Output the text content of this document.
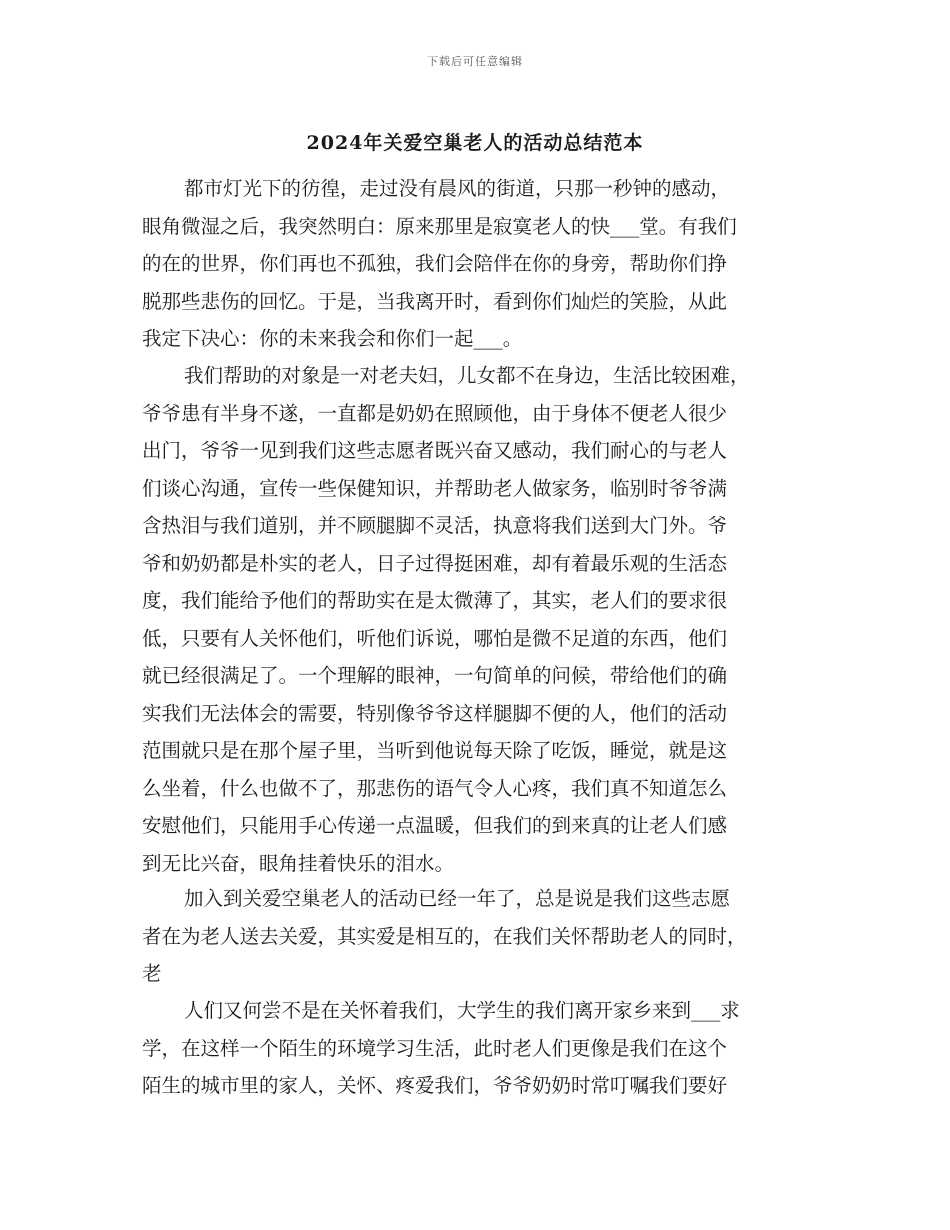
下载后可任意编辑
2024年关爱空巢老人的活动总结范本
都市灯光下的彷徨，走过没有晨风的街道，只那一秒钟的感动，
眼角微湿之后，我突然明白：原来那里是寂寞老人的快___堂。有我们
的在的世界，你们再也不孤独，我们会陪伴在你的身旁，帮助你们挣
脱那些悲伤的回忆。于是，当我离开时，看到你们灿烂的笑脸，从此
我定下决心：你的未来我会和你们一起___。
我们帮助的对象是一对老夫妇，儿女都不在身边，生活比较困难，
爷爷患有半身不遂，一直都是奶奶在照顾他，由于身体不便老人很少
出门，爷爷一见到我们这些志愿者既兴奋又感动，我们耐心的与老人
们谈心沟通，宣传一些保健知识，并帮助老人做家务，临别时爷爷满
含热泪与我们道别，并不顾腿脚不灵活，执意将我们送到大门外。爷
爷和奶奶都是朴实的老人，日子过得挺困难，却有着最乐观的生活态
度，我们能给予他们的帮助实在是太微薄了，其实，老人们的要求很
低，只要有人关怀他们，听他们诉说，哪怕是微不足道的东西，他们
就已经很满足了。一个理解的眼神，一句简单的问候，带给他们的确
实我们无法体会的需要，特别像爷爷这样腿脚不便的人，他们的活动
范围就只是在那个屋子里，当听到他说每天除了吃饭，睡觉，就是这
么坐着，什么也做不了，那悲伤的语气令人心疼，我们真不知道怎么
安慰他们，只能用手心传递一点温暖，但我们的到来真的让老人们感
到无比兴奋，眼角挂着快乐的泪水。
加入到关爱空巢老人的活动已经一年了，总是说是我们这些志愿
者在为老人送去关爱，其实爱是相互的，在我们关怀帮助老人的同时，
老
人们又何尝不是在关怀着我们，大学生的我们离开家乡来到___求
学，在这样一个陌生的环境学习生活，此时老人们更像是我们在这个
陌生的城市里的家人，关怀、疼爱我们，爷爷奶奶时常叮嘱我们要好
